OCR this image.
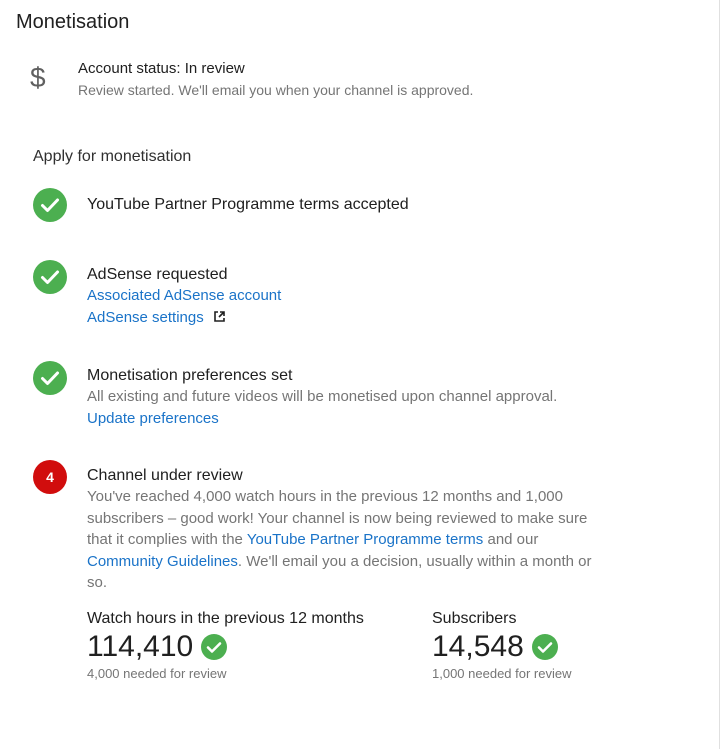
Monetisation
$ Account status: In review
Review started. We'll email you when your channel is approved.
Apply for monetisation
YouTube Partner Programme terms accepted
AdSense requested
Associated AdSense account
AdSense settings
Monetisation preferences set
All existing and future videos will be monetised upon channel approval.
Update preferences
4	Channel under review
You've reached 4,000 watch hours in the previous 12 months and 1,000 subscribers – good work! Your channel is now being reviewed to make sure that it complies with the YouTube Partner Programme terms and our Community Guidelines. We'll email you a decision, usually within a month or so.
Watch hours in the previous 12 months
114,410
4,000 needed for review
Subscribers
14,548
1,000 needed for review
